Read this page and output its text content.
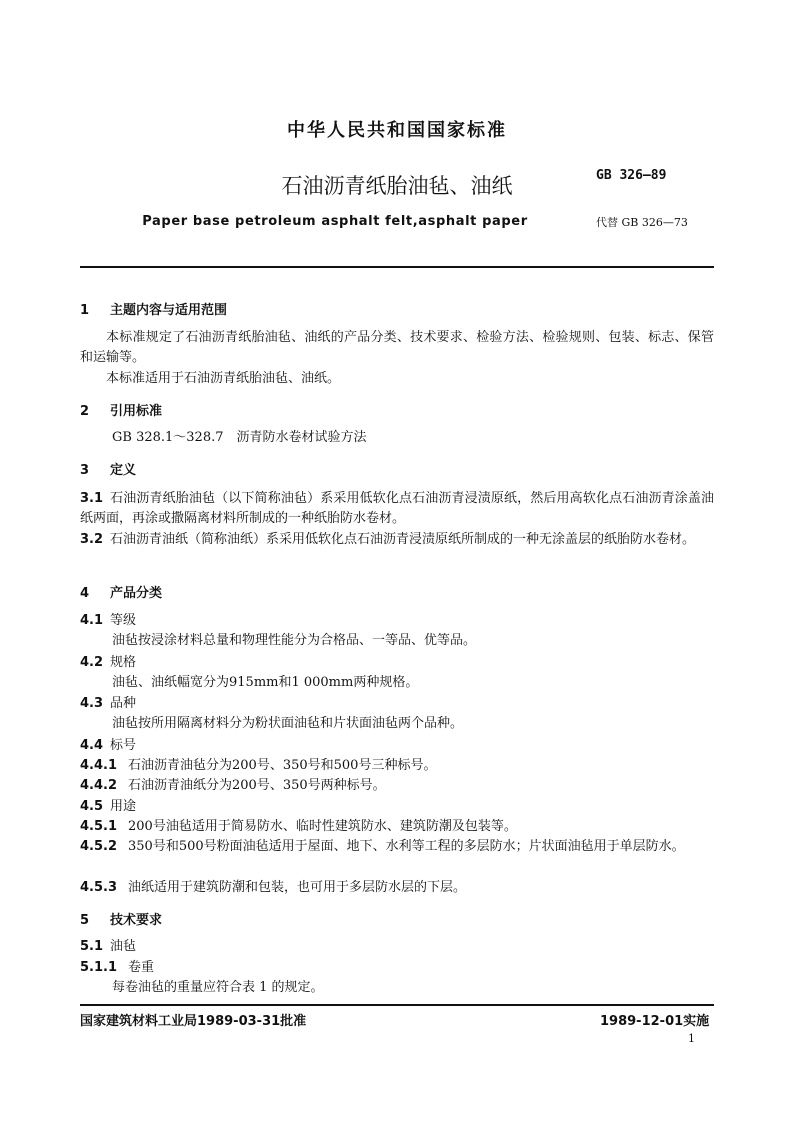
中华人民共和国国家标准
石油沥青纸胎油毡、油纸	GB 326—89
Paper base petroleum asphalt felt,asphalt paper	代替 GB 326—73
1 主题内容与适用范围
本标准规定了石油沥青纸胎油毡、油纸的产品分类、技术要求、检验方法、检验规则、包装、标志、保管和运输等。
本标准适用于石油沥青纸胎油毡、油纸。
2 引用标准
GB 328.1～328.7　沥青防水卷材试验方法
3 定义
3.1 石油沥青纸胎油毡（以下简称油毡）系采用低软化点石油沥青浸渍原纸，然后用高软化点石油沥青涂盖油纸两面，再涂或撒隔离材料所制成的一种纸胎防水卷材。
3.2 石油沥青油纸（简称油纸）系采用低软化点石油沥青浸渍原纸所制成的一种无涂盖层的纸胎防水卷材。
4 产品分类
4.1 等级
油毡按浸涂材料总量和物理性能分为合格品、一等品、优等品。
4.2 规格
油毡、油纸幅宽分为915mm和1 000mm两种规格。
4.3 品种
油毡按所用隔离材料分为粉状面油毡和片状面油毡两个品种。
4.4 标号
4.4.1 石油沥青油毡分为200号、350号和500号三种标号。
4.4.2 石油沥青油纸分为200号、350号两种标号。
4.5 用途
4.5.1 200号油毡适用于简易防水、临时性建筑防水、建筑防潮及包装等。
4.5.2 350号和500号粉面油毡适用于屋面、地下、水利等工程的多层防水；片状面油毡用于单层防水。
4.5.3 油纸适用于建筑防潮和包装，也可用于多层防水层的下层。
5 技术要求
5.1 油毡
5.1.1 卷重
每卷油毡的重量应符合表 1 的规定。
国家建筑材料工业局1989-03-31批准	1989-12-01实施
1
